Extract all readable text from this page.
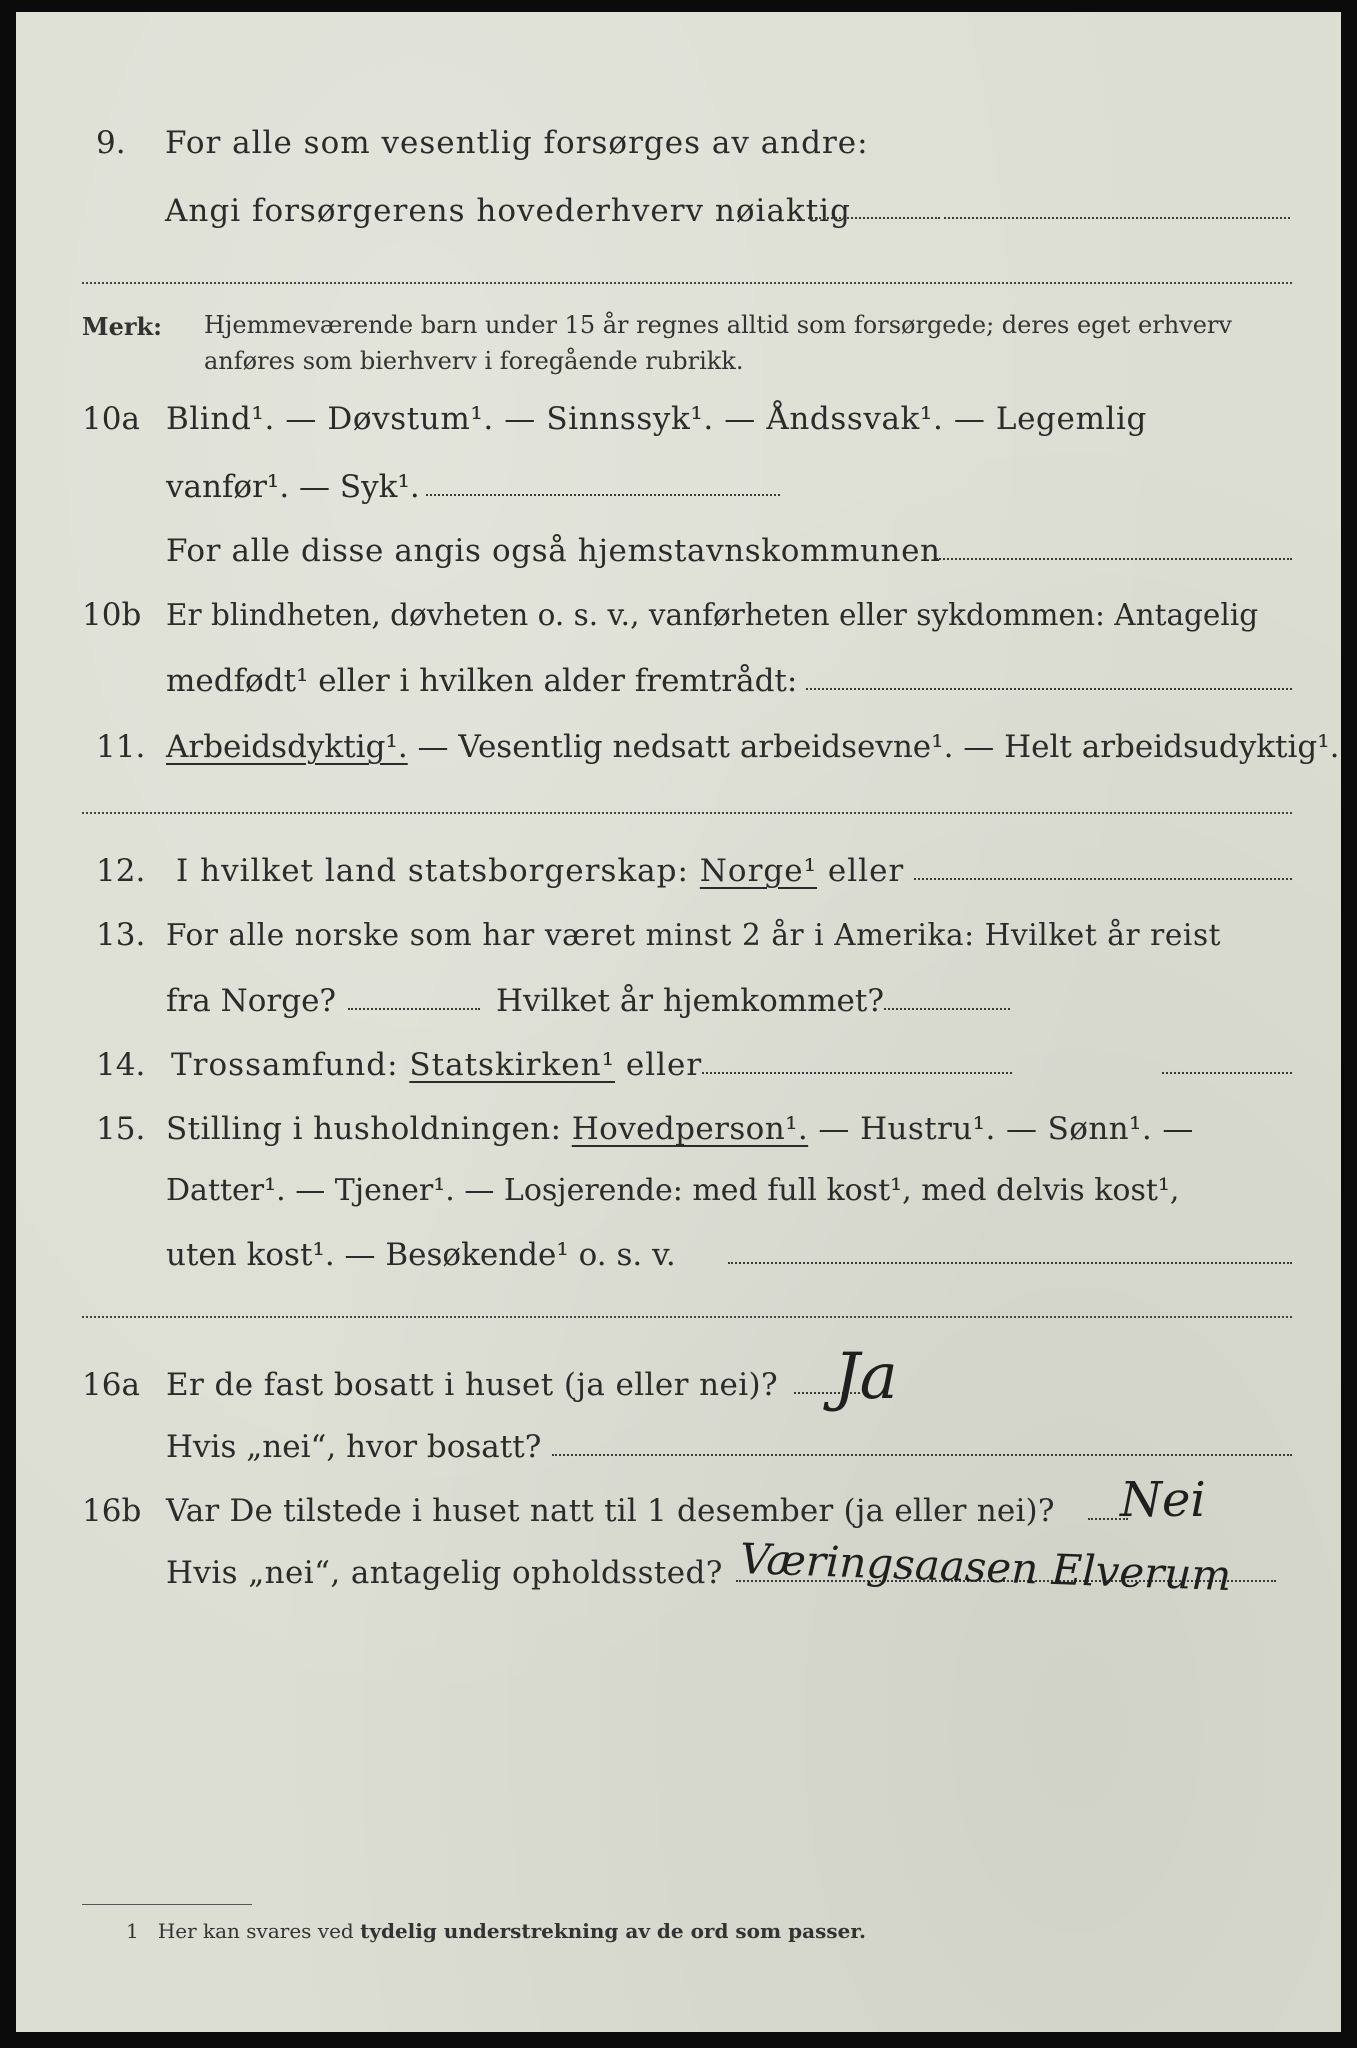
9. For alle som vesentlig forsørges av andre:
Angi forsørgerens hovedеrhverv nøiaktig
Merk: Hjemmeværende barn under 15 år regnes alltid som forsørgede; deres eget erhverv
anføres som bierhverv i foregående rubrikk.
10a Blind¹. — Døvstum¹. — Sinnssyk¹. — Åndssvak¹. — Legemlig
vanfør¹. — Syk¹.
For alle disse angis også hjemstavnskommunen
10b Er blindheten, døvheten o. s. v., vanførheten eller sykdommen: Antagelig
medfødt¹ eller i hvilken alder fremtrådt:
11. Arbeidsdyktig¹. — Vesentlig nedsatt arbeidsevne¹. — Helt arbeidsudyktig¹.
12. I hvilket land statsborgerskap: Norge¹ eller
13. For alle norske som har været minst 2 år i Amerika: Hvilket år reist
fra Norge?	Hvilket år hjemkommet?
14. Trossamfund: Statskirken¹ eller
15. Stilling i husholdningen: Hovedperson¹. — Hustru¹. — Sønn¹. —
Datter¹. — Tjener¹. — Losjerende: med full kost¹, med delvis kost¹,
uten kost¹. — Besøkende¹ o. s. v.
16a Er de fast bosatt i huset (ja eller nei)? Ja
Hvis „nei“, hvor bosatt?
16b Var De tilstede i huset natt til 1 desember (ja eller nei)? Nei
Hvis „nei“, antagelig opholdssted? Væringsaasen Elverum
1 Her kan svares ved tydelig understrekning av de ord som passer.
